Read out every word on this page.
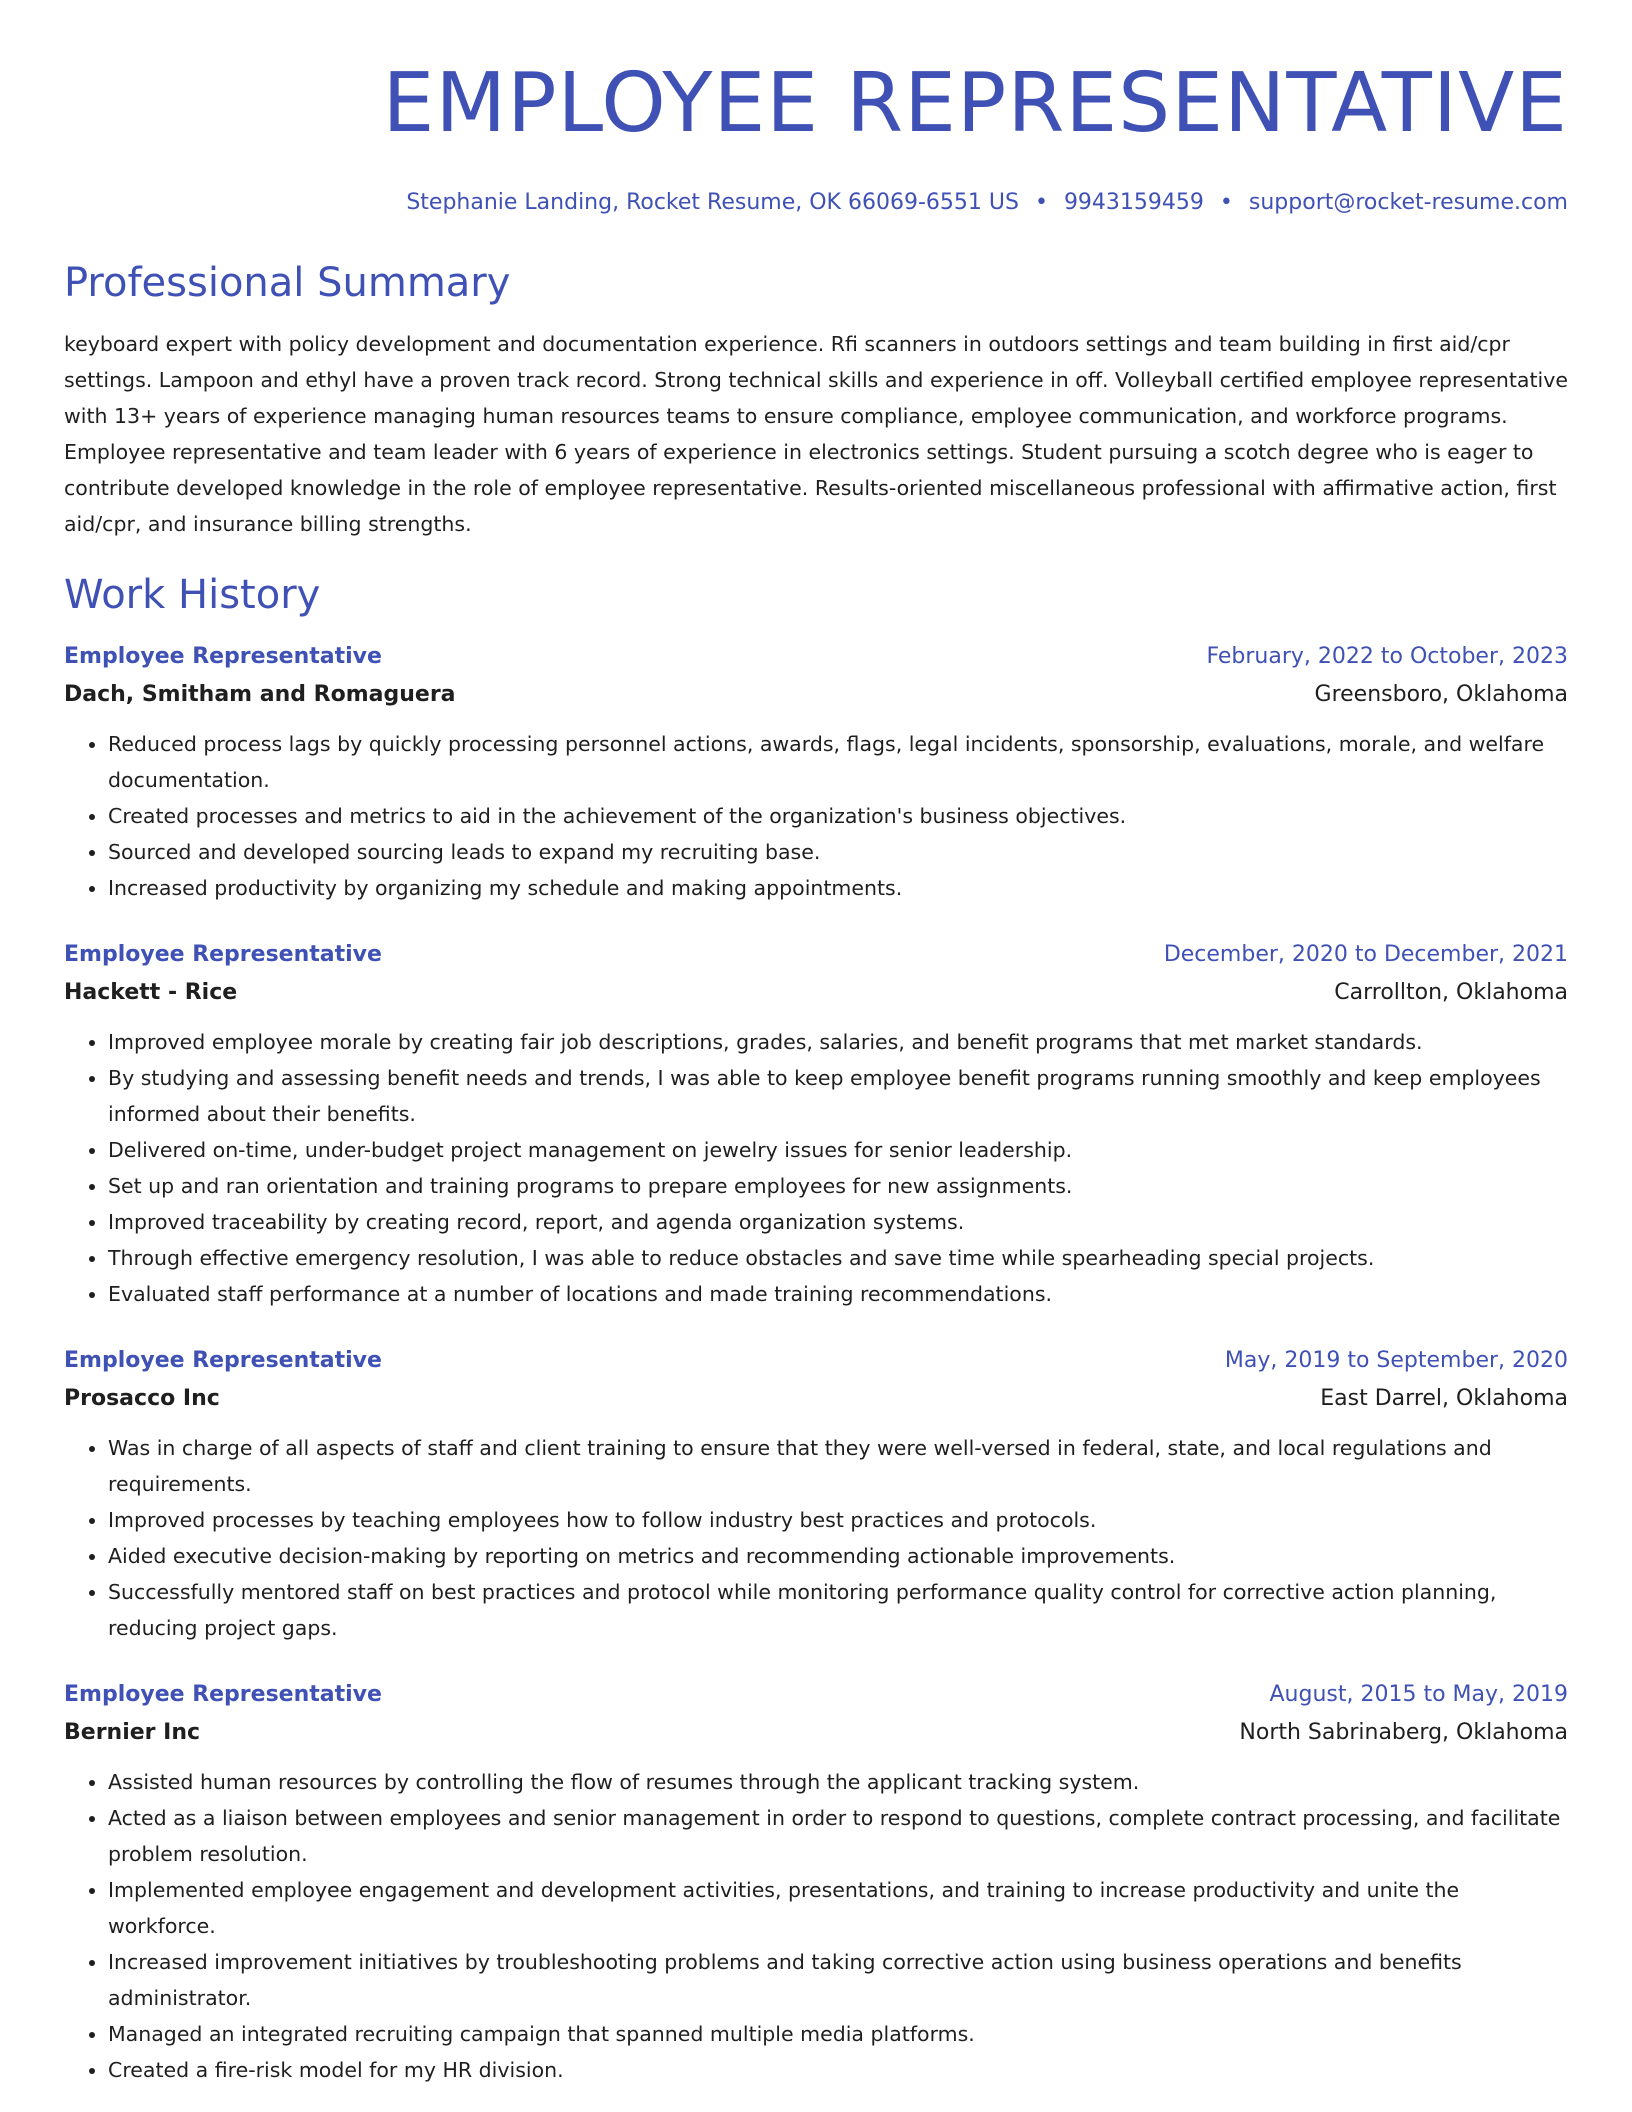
EMPLOYEE REPRESENTATIVE
Stephanie Landing, Rocket Resume, OK 66069-6551 US • 9943159459 • support@rocket-resume.com
Professional Summary

keyboard expert with policy development and documentation experience. Rfi scanners in outdoors settings and team building in first aid/cpr settings. Lampoon and ethyl have a proven track record. Strong technical skills and experience in off. Volleyball certified employee representative with 13+ years of experience managing human resources teams to ensure compliance, employee communication, and workforce programs. Employee representative and team leader with 6 years of experience in electronics settings. Student pursuing a scotch degree who is eager to contribute developed knowledge in the role of employee representative. Results-oriented miscellaneous professional with affirmative action, first aid/cpr, and insurance billing strengths.

Work History
Employee Representative	February, 2022 to October, 2023
Dach, Smitham and Romaguera	Greensboro, Oklahoma
• Reduced process lags by quickly processing personnel actions, awards, flags, legal incidents, sponsorship, evaluations, morale, and welfare documentation.
• Created processes and metrics to aid in the achievement of the organization's business objectives.
• Sourced and developed sourcing leads to expand my recruiting base.
• Increased productivity by organizing my schedule and making appointments.
Employee Representative	December, 2020 to December, 2021
Hackett - Rice	Carrollton, Oklahoma
• Improved employee morale by creating fair job descriptions, grades, salaries, and benefit programs that met market standards.
• By studying and assessing benefit needs and trends, I was able to keep employee benefit programs running smoothly and keep employees informed about their benefits.
• Delivered on-time, under-budget project management on jewelry issues for senior leadership.
• Set up and ran orientation and training programs to prepare employees for new assignments.
• Improved traceability by creating record, report, and agenda organization systems.
• Through effective emergency resolution, I was able to reduce obstacles and save time while spearheading special projects.
• Evaluated staff performance at a number of locations and made training recommendations.
Employee Representative	May, 2019 to September, 2020
Prosacco Inc	East Darrel, Oklahoma
• Was in charge of all aspects of staff and client training to ensure that they were well-versed in federal, state, and local regulations and requirements.
• Improved processes by teaching employees how to follow industry best practices and protocols.
• Aided executive decision-making by reporting on metrics and recommending actionable improvements.
• Successfully mentored staff on best practices and protocol while monitoring performance quality control for corrective action planning, reducing project gaps.
Employee Representative	August, 2015 to May, 2019
Bernier Inc	North Sabrinaberg, Oklahoma
• Assisted human resources by controlling the flow of resumes through the applicant tracking system.
• Acted as a liaison between employees and senior management in order to respond to questions, complete contract processing, and facilitate problem resolution.
• Implemented employee engagement and development activities, presentations, and training to increase productivity and unite the workforce.
• Increased improvement initiatives by troubleshooting problems and taking corrective action using business operations and benefits administrator.
• Managed an integrated recruiting campaign that spanned multiple media platforms.
• Created a fire-risk model for my HR division.
